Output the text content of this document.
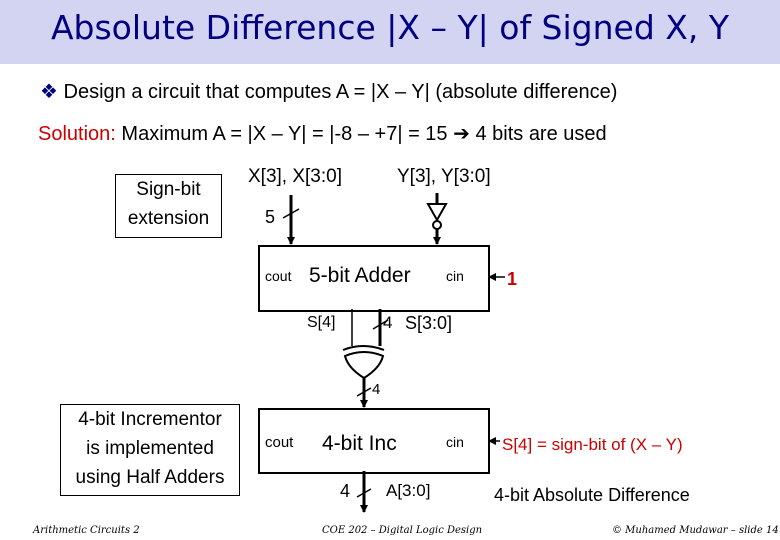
Absolute Difference |X – Y| of Signed X, Y
❖ Design a circuit that computes A = |X – Y| (absolute difference)
Solution: Maximum A = |X – Y| = |-8 – +7| = 15 ➔ 4 bits are used
Sign-bit
extension
4-bit Incrementor
is implemented
using Half Adders
X[3], X[3:0]	Y[3], Y[3:0]
5
cout 5-bit Adder	cin 1
S[4]	4 S[3:0]
4
cout 4-bit Inc	cin S[4] = sign-bit of (X – Y)
4 A[3:0]	4-bit Absolute Difference
Arithmetic Circuits 2	COE 202 – Digital Logic Design	© Muhamed Mudawar – slide 14
